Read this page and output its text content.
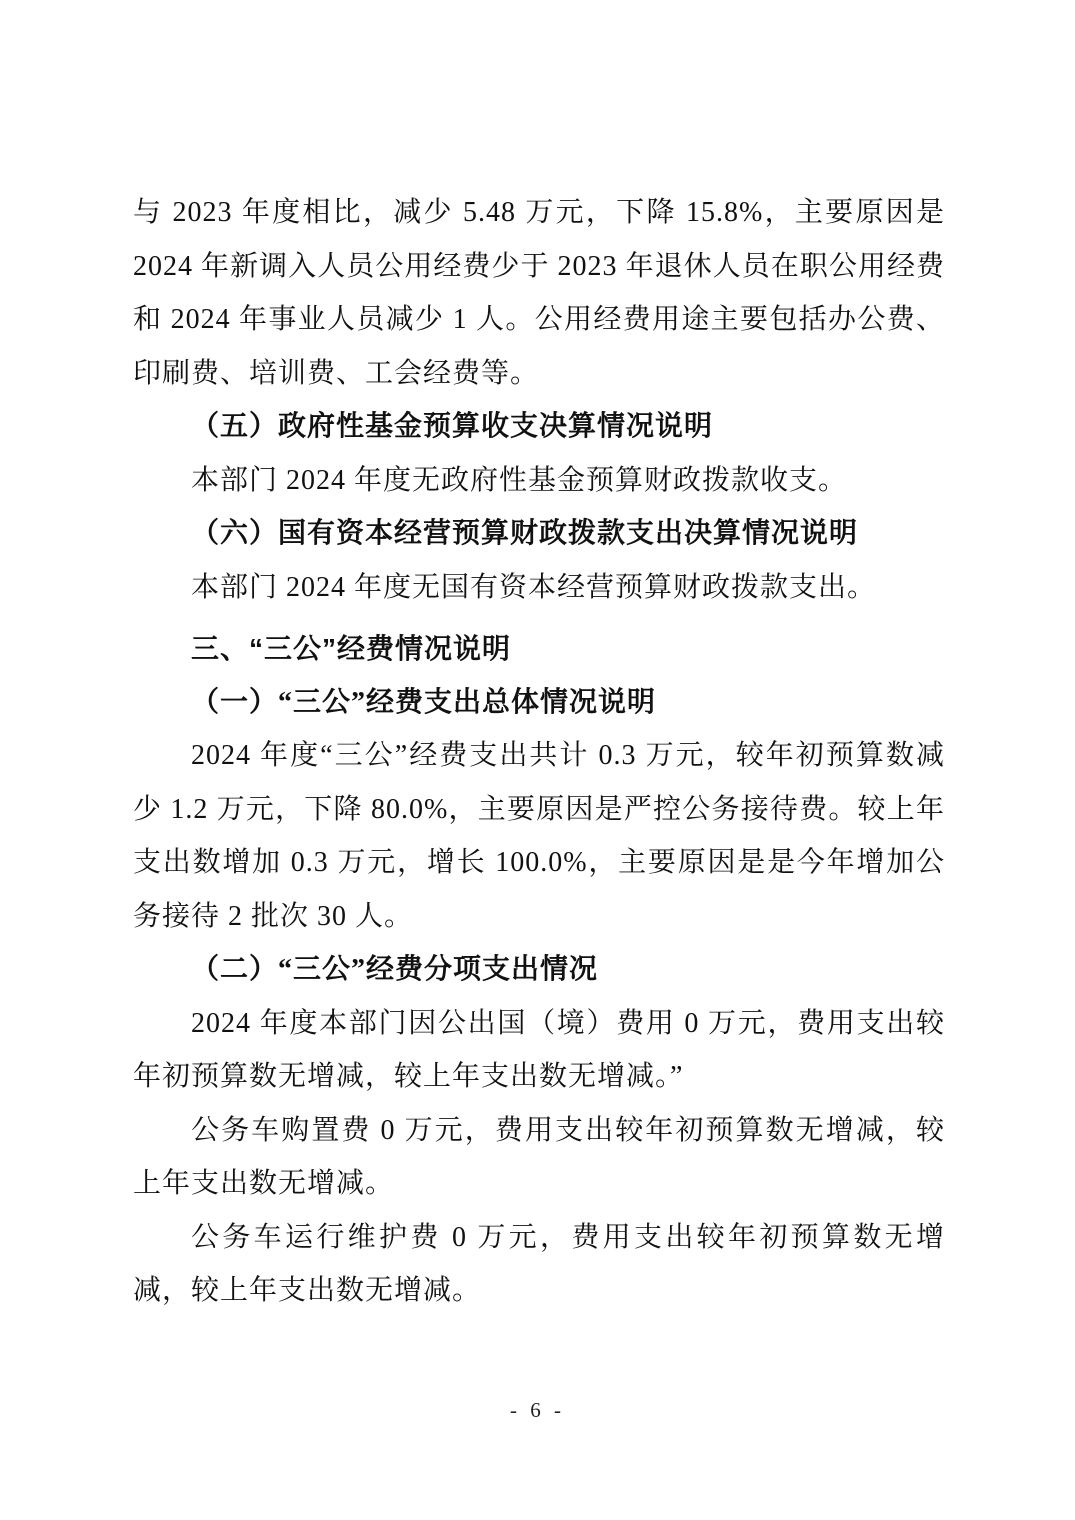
与 2023 年度相比，减少 5.48 万元，下降 15.8%，主要原因是 2024 年新调入人员公用经费少于 2023 年退休人员在职公用经费和 2024 年事业人员减少 1 人。公用经费用途主要包括办公费、印刷费、培训费、工会经费等。

（五）政府性基金预算收支决算情况说明

本部门 2024 年度无政府性基金预算财政拨款收支。

（六）国有资本经营预算财政拨款支出决算情况说明

本部门 2024 年度无国有资本经营预算财政拨款支出。

三、“三公”经费情况说明

（一）“三公”经费支出总体情况说明

2024 年度“三公”经费支出共计 0.3 万元，较年初预算数减少 1.2 万元，下降 80.0%，主要原因是严控公务接待费。较上年支出数增加 0.3 万元，增长 100.0%，主要原因是是今年增加公务接待 2 批次 30 人。

（二）“三公”经费分项支出情况

2024 年度本部门因公出国（境）费用 0 万元，费用支出较年初预算数无增减，较上年支出数无增减。”

公务车购置费 0 万元，费用支出较年初预算数无增减，较上年支出数无增减。

公务车运行维护费 0 万元，费用支出较年初预算数无增减，较上年支出数无增减。

- 6 -
